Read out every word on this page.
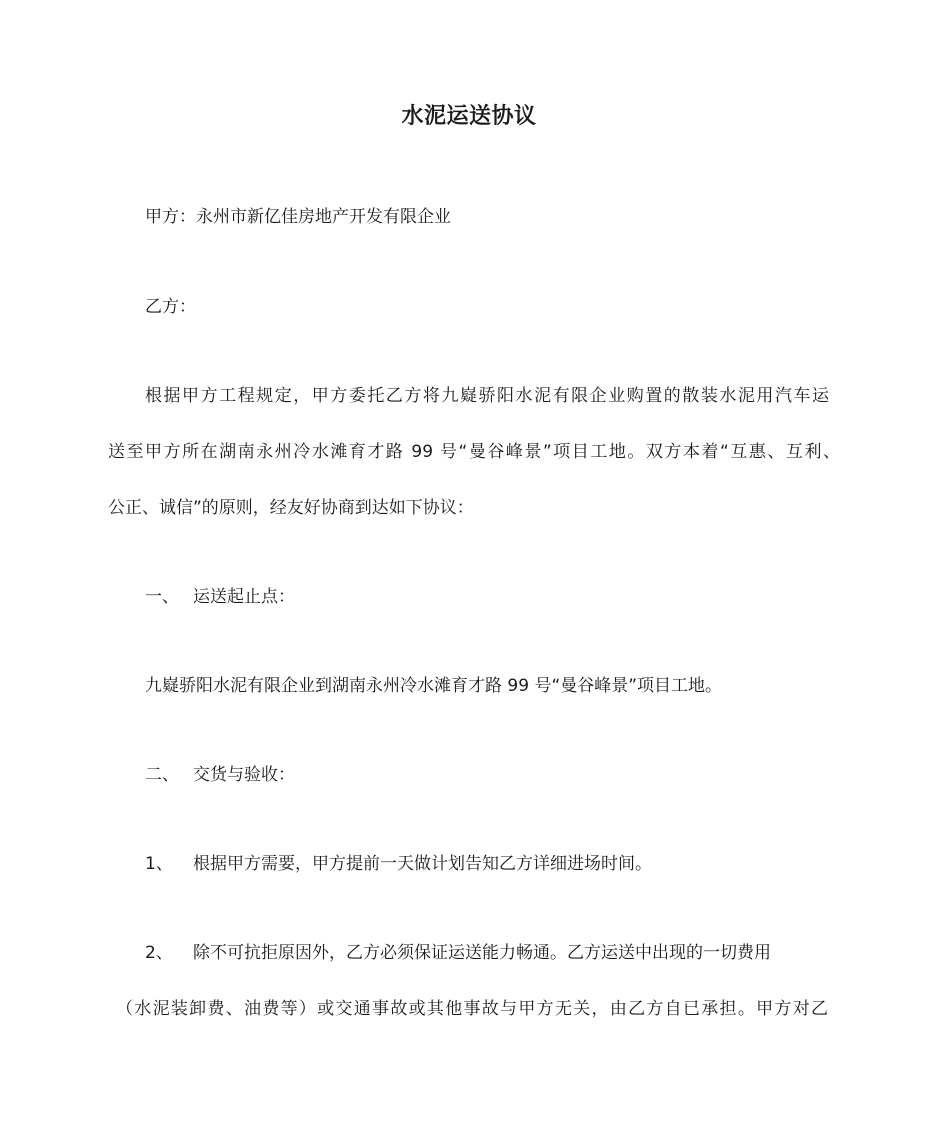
水泥运送协议
甲方：永州市新亿佳房地产开发有限企业
乙方：
根据甲方工程规定，甲方委托乙方将九嶷骄阳水泥有限企业购置的散装水泥用汽车运
送至甲方所在湖南永州冷水滩育才路 99 号“曼谷峰景”项目工地。双方本着“互惠、互利、
公正、诚信”的原则，经友好协商到达如下协议：
一、 运送起止点：
九嶷骄阳水泥有限企业到湖南永州冷水滩育才路 99 号“曼谷峰景”项目工地。
二、 交货与验收：
1、 根据甲方需要，甲方提前一天做计划告知乙方详细进场时间。
2、 除不可抗拒原因外，乙方必须保证运送能力畅通。乙方运送中出现的一切费用
（水泥装卸费、油费等）或交通事故或其他事故与甲方无关，由乙方自已承担。甲方对乙
